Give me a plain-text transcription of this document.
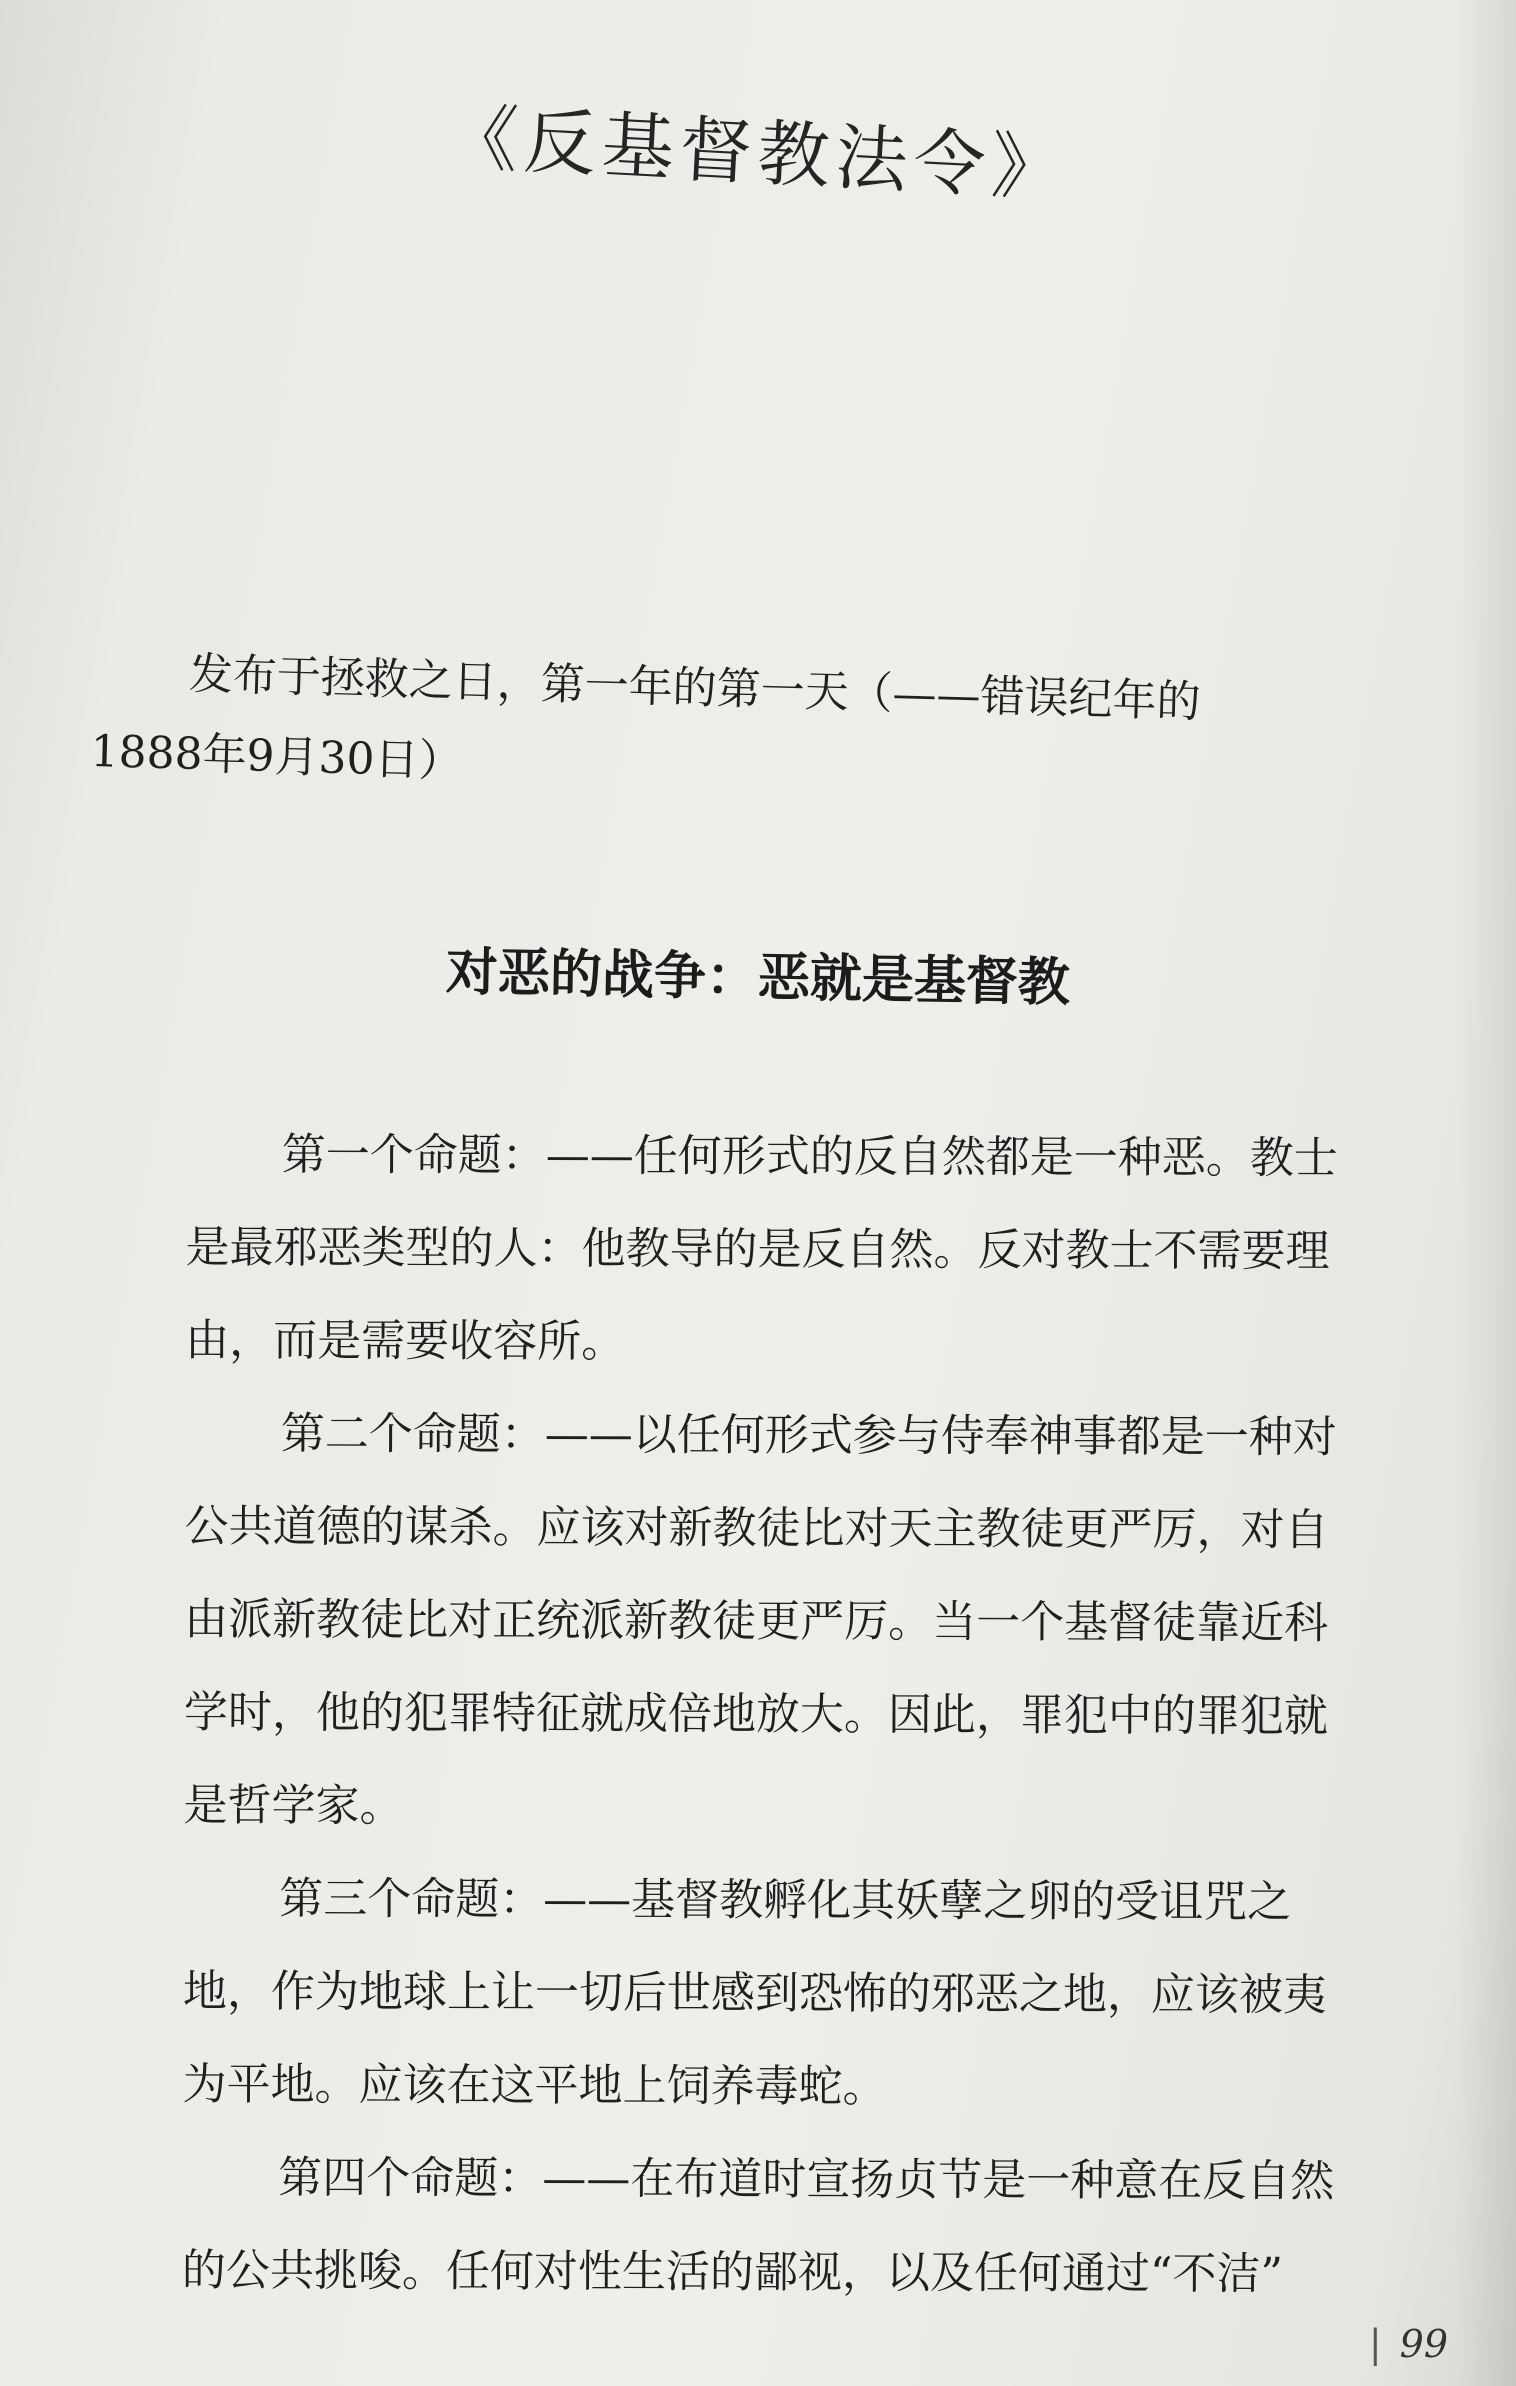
《反基督教法令》
发布于拯救之日，第一年的第一天（——错误纪年的1888年9月30日）
对恶的战争：恶就是基督教

第一个命题：——任何形式的反自然都是一种恶。教士是最邪恶类型的人：他教导的是反自然。反对教士不需要理由，而是需要收容所。

第二个命题：——以任何形式参与侍奉神事都是一种对公共道德的谋杀。应该对新教徒比对天主教徒更严厉，对自由派新教徒比对正统派新教徒更严厉。当一个基督徒靠近科学时，他的犯罪特征就成倍地放大。因此，罪犯中的罪犯就是哲学家。

第三个命题：——基督教孵化其妖孽之卵的受诅咒之地，作为地球上让一切后世感到恐怖的邪恶之地，应该被夷为平地。应该在这平地上饲养毒蛇。

第四个命题：——在布道时宣扬贞节是一种意在反自然的公共挑唆。任何对性生活的鄙视，以及任何通过“不洁”

| 99
